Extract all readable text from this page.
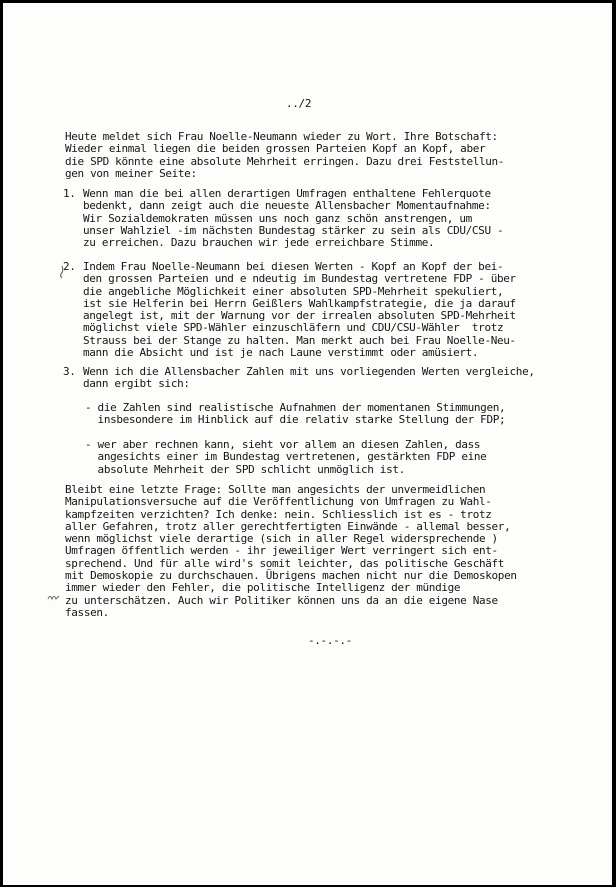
../2
Heute meldet sich Frau Noelle-Neumann wieder zu Wort. Ihre Botschaft:
Wieder einmal liegen die beiden grossen Parteien Kopf an Kopf, aber
die SPD könnte eine absolute Mehrheit erringen. Dazu drei Feststellun-
gen von meiner Seite:
1. Wenn man die bei allen derartigen Umfragen enthaltene Fehlerquote
bedenkt, dann zeigt auch die neueste Allensbacher Momentaufnahme:
Wir Sozialdemokraten müssen uns noch ganz schön anstrengen, um
unser Wahlziel -im nächsten Bundestag stärker zu sein als CDU/CSU -
zu erreichen. Dazu brauchen wir jede erreichbare Stimme.
2. Indem Frau Noelle-Neumann bei diesen Werten - Kopf an Kopf der bei-
den grossen Parteien und e ndeutig im Bundestag vertretene FDP - über
die angebliche Möglichkeit einer absoluten SPD-Mehrheit spekuliert,
ist sie Helferin bei Herrn Geißlers Wahlkampfstrategie, die ja darauf
angelegt ist, mit der Warnung vor der irrealen absoluten SPD-Mehrheit
möglichst viele SPD-Wähler einzuschläfern und CDU/CSU-Wähler  trotz
Strauss bei der Stange zu halten. Man merkt auch bei Frau Noelle-Neu-
mann die Absicht und ist je nach Laune verstimmt oder amüsiert.
3. Wenn ich die Allensbacher Zahlen mit uns vorliegenden Werten vergleiche,
dann ergibt sich:
- die Zahlen sind realistische Aufnahmen der momentanen Stimmungen,
insbesondere im Hinblick auf die relativ starke Stellung der FDP;
- wer aber rechnen kann, sieht vor allem an diesen Zahlen, dass
angesichts einer im Bundestag vertretenen, gestärkten FDP eine
absolute Mehrheit der SPD schlicht unmöglich ist.
Bleibt eine letzte Frage: Sollte man angesichts der unvermeidlichen
Manipulationsversuche auf die Veröffentlichung von Umfragen zu Wahl-
kampfzeiten verzichten? Ich denke: nein. Schliesslich ist es - trotz
aller Gefahren, trotz aller gerechtfertigten Einwände - allemal besser,
wenn möglichst viele derartige (sich in aller Regel widersprechende )
Umfragen öffentlich werden - ihr jeweiliger Wert verringert sich ent-
sprechend. Und für alle wird's somit leichter, das politische Geschäft
mit Demoskopie zu durchschauen. Übrigens machen nicht nur die Demoskopen
immer wieder den Fehler, die politische Intelligenz der mündige
zu unterschätzen. Auch wir Politiker können uns da an die eigene Nase
fassen.
-.-.-.-
